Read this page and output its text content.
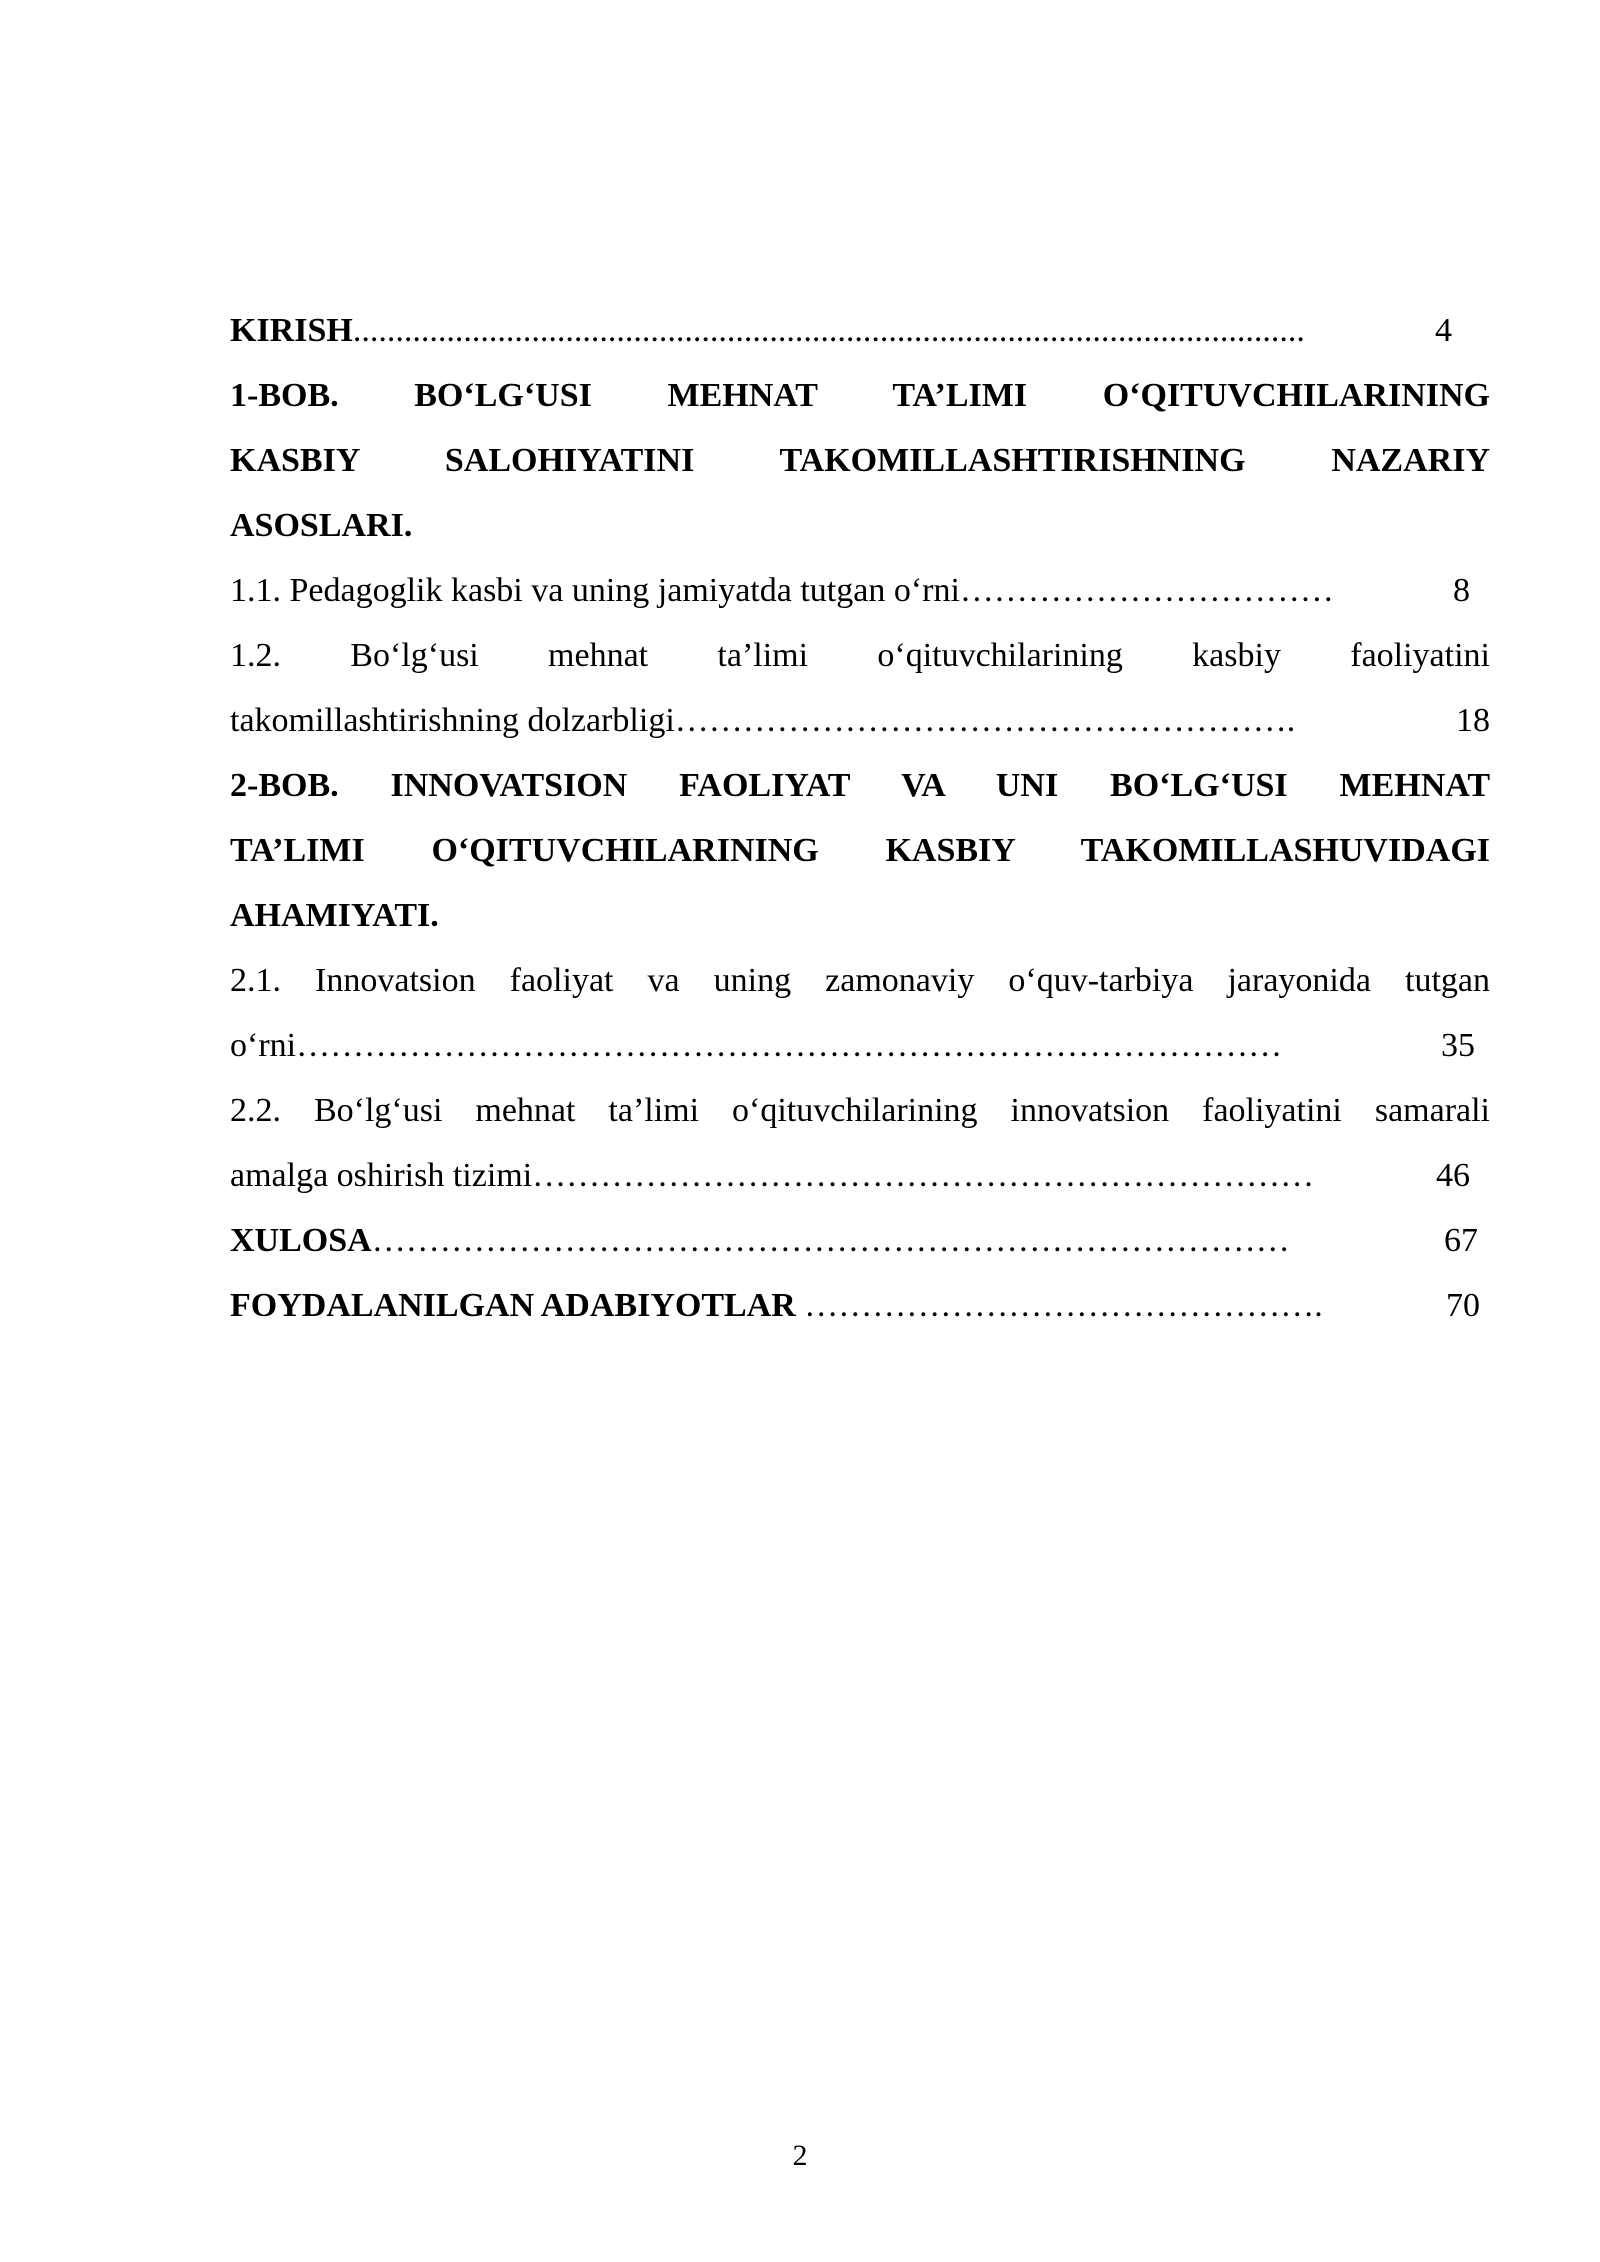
KIRISH ................................................................................................................	4
1-BOB. BO‘LG‘USI MEHNAT TA’LIMI O‘QITUVCHILARINING
KASBIY SALOHIYATINI TAKOMILLASHTIRISHNING NAZARIY
ASOSLARI.
1.1. Pedagoglik kasbi va uning jamiyatda tutgan o‘rni ……………………………	8
1.2. Bo‘lg‘usi mehnat ta’limi o‘qituvchilarining kasbiy faoliyatini
takomillashtirishning dolzarbligi ……………………………………………….	18
2-BOB. INNOVATSION FAOLIYAT VA UNI BO‘LG‘USI MEHNAT
TA’LIMI O‘QITUVCHILARINING KASBIY TAKOMILLASHUVIDAGI
AHAMIYATI.
2.1. Innovatsion faoliyat va uning zamonaviy o‘quv-tarbiya jarayonida tutgan
o‘rni ……………………………………………………………………………	35
2.2. Bo‘lg‘usi mehnat ta’limi o‘qituvchilarining innovatsion faoliyatini samarali
amalga oshirish tizimi ……………………………………………………………	46
XULOSA ………………………………………………………………………	67
FOYDALANILGAN ADABIYOTLAR ……………………………………….	70
2
